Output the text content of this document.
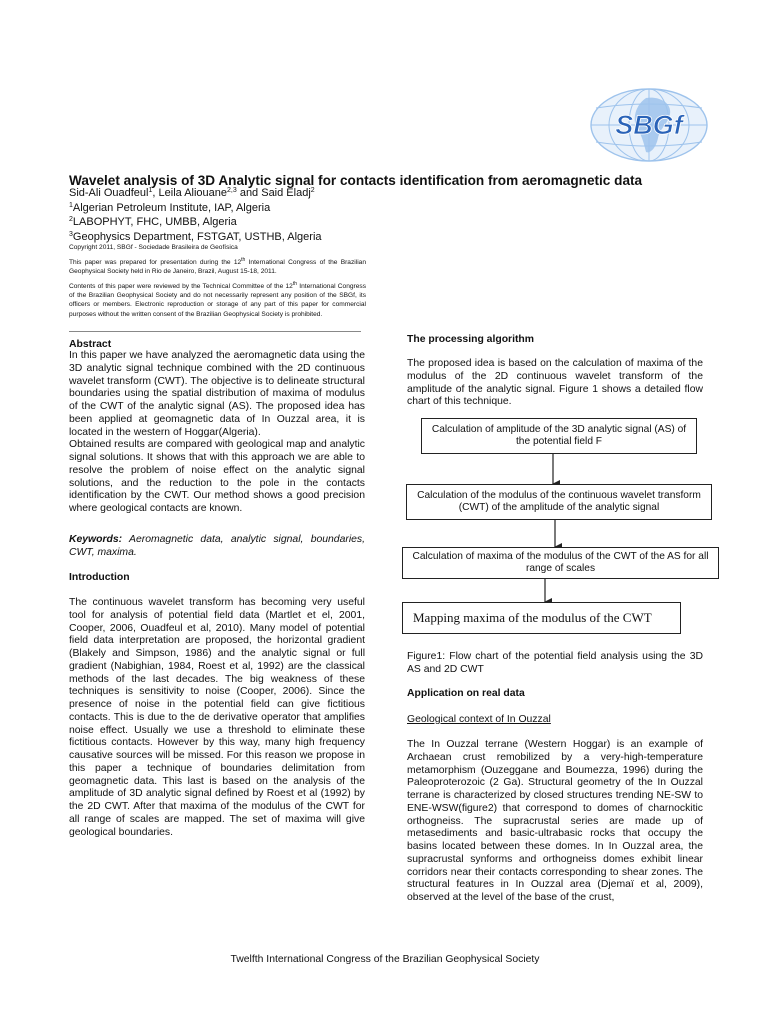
SBGf
Wavelet analysis of 3D Analytic signal for contacts identification from aeromagnetic data
Sid-Ali Ouadfeul$^1$, Leila Aliouane$^{2,3}$ and Said Eladj$^2$
$^1$Algerian Petroleum Institute, IAP, Algeria
$^2$LABOPHYT, FHC, UMBB, Algeria
$^3$Geophysics Department, FSTGAT, USTHB, Algeria
Copyright 2011, SBGf - Sociedade Brasileira de Geofísica
This paper was prepared for presentation during the 12th International Congress of the Brazilian Geophysical Society held in Rio de Janeiro, Brazil, August 15-18, 2011.
Contents of this paper were reviewed by the Technical Committee of the 12th International Congress of the Brazilian Geophysical Society and do not necessarily represent any position of the SBGf, its officers or members. Electronic reproduction or storage of any part of this paper for commercial purposes without the written consent of the Brazilian Geophysical Society is prohibited.
Abstract
In this paper we have analyzed the aeromagnetic data using the 3D analytic signal technique combined with the 2D continuous wavelet transform (CWT). The objective is to delineate structural boundaries using the spatial distribution of maxima of modulus of the CWT of the analytic signal (AS). The proposed idea has been applied at geomagnetic data of In Ouzzal area, it is located in the western of Hoggar(Algeria).
Obtained results are compared with geological map and analytic signal solutions. It shows that with this approach we are able to resolve the problem of noise effect on the analytic signal solutions, and the reduction to the pole in the contacts identification by the CWT. Our method shows a good precision where geological contacts are known.
Keywords: Aeromagnetic data, analytic signal, boundaries, CWT, maxima.
Introduction
The continuous wavelet transform has becoming very useful tool for analysis of potential field data (Martlet et el, 2001, Cooper, 2006, Ouadfeul et al, 2010). Many model of potential field data interpretation are proposed, the horizontal gradient (Blakely and Simpson, 1986) and the analytic signal or full gradient (Nabighian, 1984, Roest et al, 1992) are the classical methods of the last decades. The big weakness of these techniques is sensitivity to noise (Cooper, 2006). Since the presence of noise in the potential field can give fictitious contacts. This is due to the de derivative operator that amplifies noise effect. Usually we use a threshold to eliminate these fictitious contacts. However by this way, many high frequency causative sources will be missed. For this reason we propose in this paper a technique of boundaries delimitation from geomagnetic data. This last is based on the analysis of the amplitude of 3D analytic signal defined by Roest et al (1992) by the 2D CWT. After that maxima of the modulus of the CWT for all range of scales are mapped. The set of maxima will give geological boundaries.
The processing algorithm
The proposed idea is based on the calculation of maxima of the modulus of the 2D continuous wavelet transform of the amplitude of the analytic signal. Figure 1 shows a detailed flow chart of this technique.
Calculation of amplitude of the 3D analytic signal (AS) of the potential field F
Calculation of the modulus of the continuous wavelet transform (CWT) of the amplitude of the analytic signal
Calculation of maxima of the modulus of the CWT of the AS for all range of scales
Mapping maxima of the modulus of the CWT
Figure1: Flow chart of the potential field analysis using the 3D AS and 2D CWT
Application on real data
Geological context of In Ouzzal
The In Ouzzal terrane (Western Hoggar) is an example of Archaean crust remobilized by a very-high-temperature metamorphism (Ouzeggane and Boumezza, 1996) during the Paleoproterozoic (2 Ga). Structural geometry of the In Ouzzal terrane is characterized by closed structures trending NE-SW to ENE-WSW(figure2) that correspond to domes of charnockitic orthogneiss. The supracrustal series are made up of metasediments and basic-ultrabasic rocks that occupy the basins located between these domes. In In Ouzzal area, the supracrustal synforms and orthogneiss domes exhibit linear corridors near their contacts corresponding to shear zones. The structural features in In Ouzzal area (Djemaï et al, 2009), observed at the level of the base of the crust,
Twelfth International Congress of the Brazilian Geophysical Society
